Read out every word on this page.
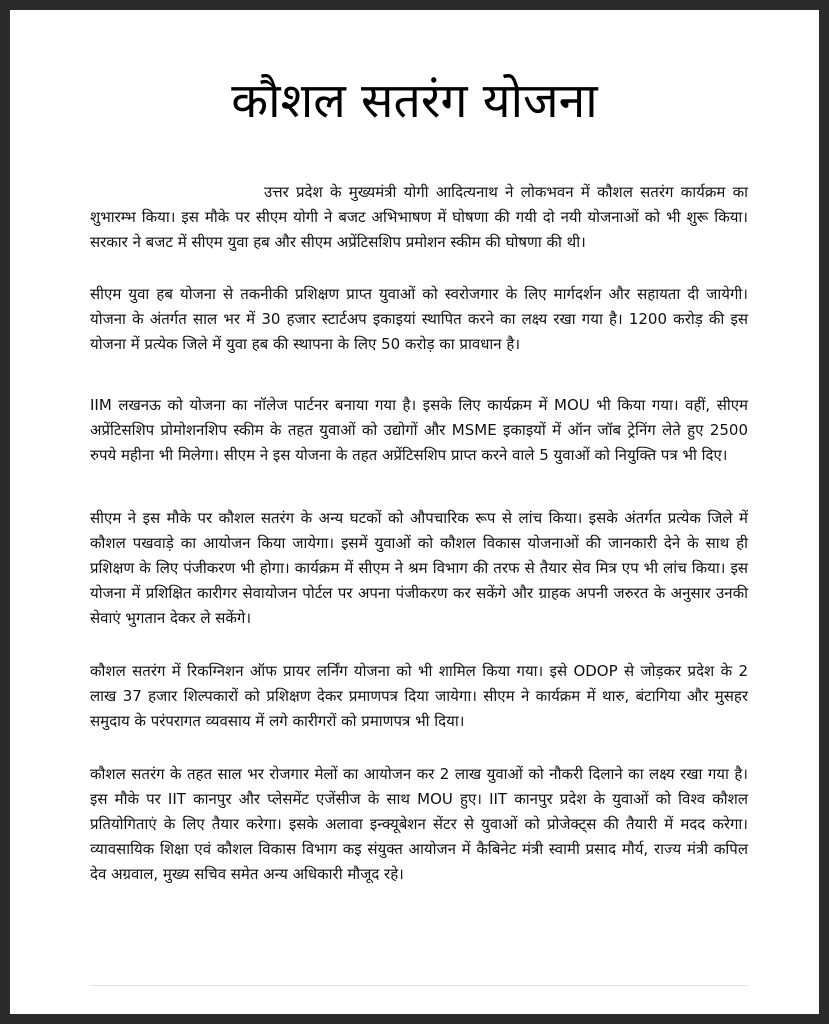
कौशल सतरंग योजना

उत्तर प्रदेश के मुख्यमंत्री योगी आदित्यनाथ ने लोकभवन में कौशल सतरंग कार्यक्रम का शुभारम्भ किया। इस मौके पर सीएम योगी ने बजट अभिभाषण में घोषणा की गयी दो नयी योजनाओं को भी शुरू किया। सरकार ने बजट में सीएम युवा हब और सीएम अप्रेंटिसशिप प्रमोशन स्कीम की घोषणा की थी।

सीएम युवा हब योजना से तकनीकी प्रशिक्षण प्राप्त युवाओं को स्वरोजगार के लिए मार्गदर्शन और सहायता दी जायेगी। योजना के अंतर्गत साल भर में 30 हजार स्टार्टअप इकाइयां स्थापित करने का लक्ष्य रखा गया है। 1200 करोड़ की इस योजना में प्रत्येक जिले में युवा हब की स्थापना के लिए 50 करोड़ का प्रावधान है।

IIM लखनऊ को योजना का नॉलेज पार्टनर बनाया गया है। इसके लिए कार्यक्रम में MOU भी किया गया। वहीं, सीएम अप्रेंटिसशिप प्रोमोशनशिप स्कीम के तहत युवाओं को उद्योगों और MSME इकाइयों में ऑन जॉब ट्रेनिंग लेते हुए 2500 रुपये महीना भी मिलेगा। सीएम ने इस योजना के तहत अप्रेंटिसशिप प्राप्त करने वाले 5 युवाओं को नियुक्ति पत्र भी दिए।

सीएम ने इस मौके पर कौशल सतरंग के अन्य घटकों को औपचारिक रूप से लांच किया। इसके अंतर्गत प्रत्येक जिले में कौशल पखवाड़े का आयोजन किया जायेगा। इसमें युवाओं को कौशल विकास योजनाओं की जानकारी देने के साथ ही प्रशिक्षण के लिए पंजीकरण भी होगा। कार्यक्रम में सीएम ने श्रम विभाग की तरफ से तैयार सेव मित्र एप भी लांच किया। इस योजना में प्रशिक्षित कारीगर सेवायोजन पोर्टल पर अपना पंजीकरण कर सकेंगे और ग्राहक अपनी जरुरत के अनुसार उनकी सेवाएं भुगतान देकर ले सकेंगे।

कौशल सतरंग में रिकग्निशन ऑफ प्रायर लर्निंग योजना को भी शामिल किया गया। इसे ODOP से जोड़कर प्रदेश के 2 लाख 37 हजार शिल्पकारों को प्रशिक्षण देकर प्रमाणपत्र दिया जायेगा। सीएम ने कार्यक्रम में थारु, बंटागिया और मुसहर समुदाय के परंपरागत व्यवसाय में लगे कारीगरों को प्रमाणपत्र भी दिया।

कौशल सतरंग के तहत साल भर रोजगार मेलों का आयोजन कर 2 लाख युवाओं को नौकरी दिलाने का लक्ष्य रखा गया है। इस मौके पर IIT कानपुर और प्लेसमेंट एजेंसीज के साथ MOU हुए। IIT कानपुर प्रदेश के युवाओं को विश्व कौशल प्रतियोगिताएं के लिए तैयार करेगा। इसके अलावा इन्क्यूबेशन सेंटर से युवाओं को प्रोजेक्ट्स की तैयारी में मदद करेगा। व्यावसायिक शिक्षा एवं कौशल विकास विभाग कइ संयुक्त आयोजन में कैबिनेट मंत्री स्वामी प्रसाद मौर्य, राज्य मंत्री कपिल देव अग्रवाल, मुख्य सचिव समेत अन्य अधिकारी मौजूद रहे।
